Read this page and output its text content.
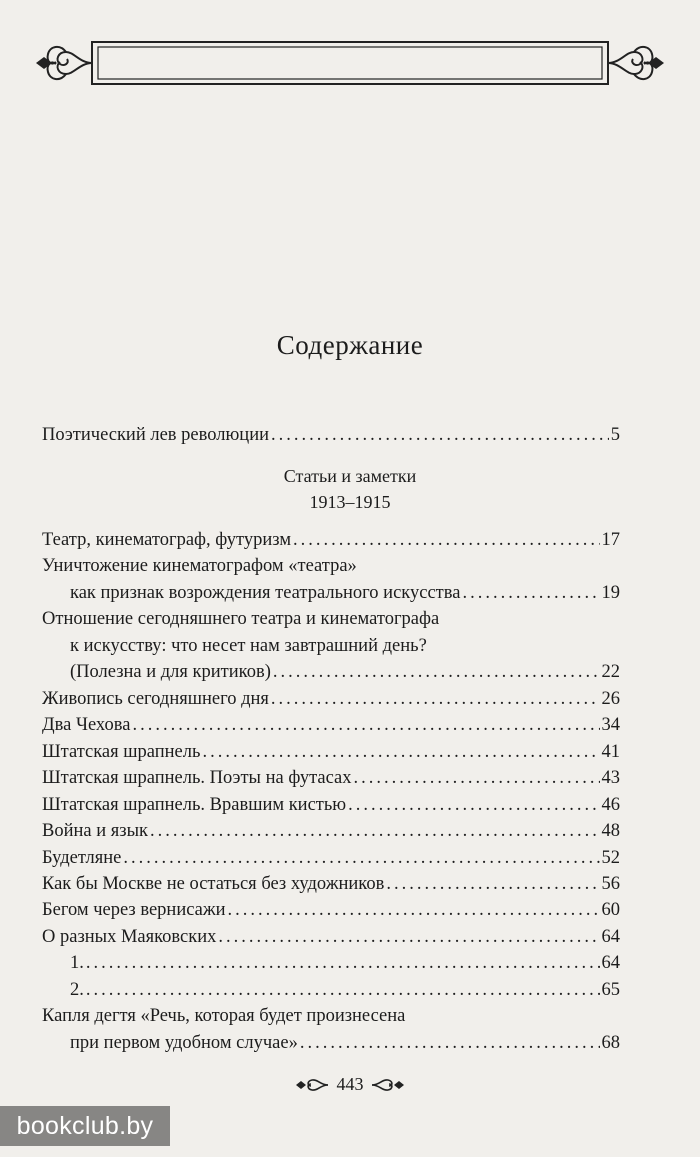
Содержание
Поэтический лев революции .....	5
Статьи и заметки
1913–1915
Театр, кинематограф, футуризм .....	17
Уничтожение кинематографом «театра»
как признак возрождения театрального искусства .....	19
Отношение сегодняшнего театра и кинематографа
к искусству: что несет нам завтрашний день?
(Полезна и для критиков) .....	22
Живопись сегодняшнего дня .....	26
Два Чехова .....	34
Штатская шрапнель .....	41
Штатская шрапнель. Поэты на футасах .....	43
Штатская шрапнель. Вравшим кистью .....	46
Война и язык .....	48
Будетляне .....	52
Как бы Москве не остаться без художников .....	56
Бегом через вернисажи .....	60
О разных Маяковских .....	64
1. .....	64
2. .....	65
Капля дегтя «Речь, которая будет произнесена
при первом удобном случае» .....	68
443
bookclub.by
